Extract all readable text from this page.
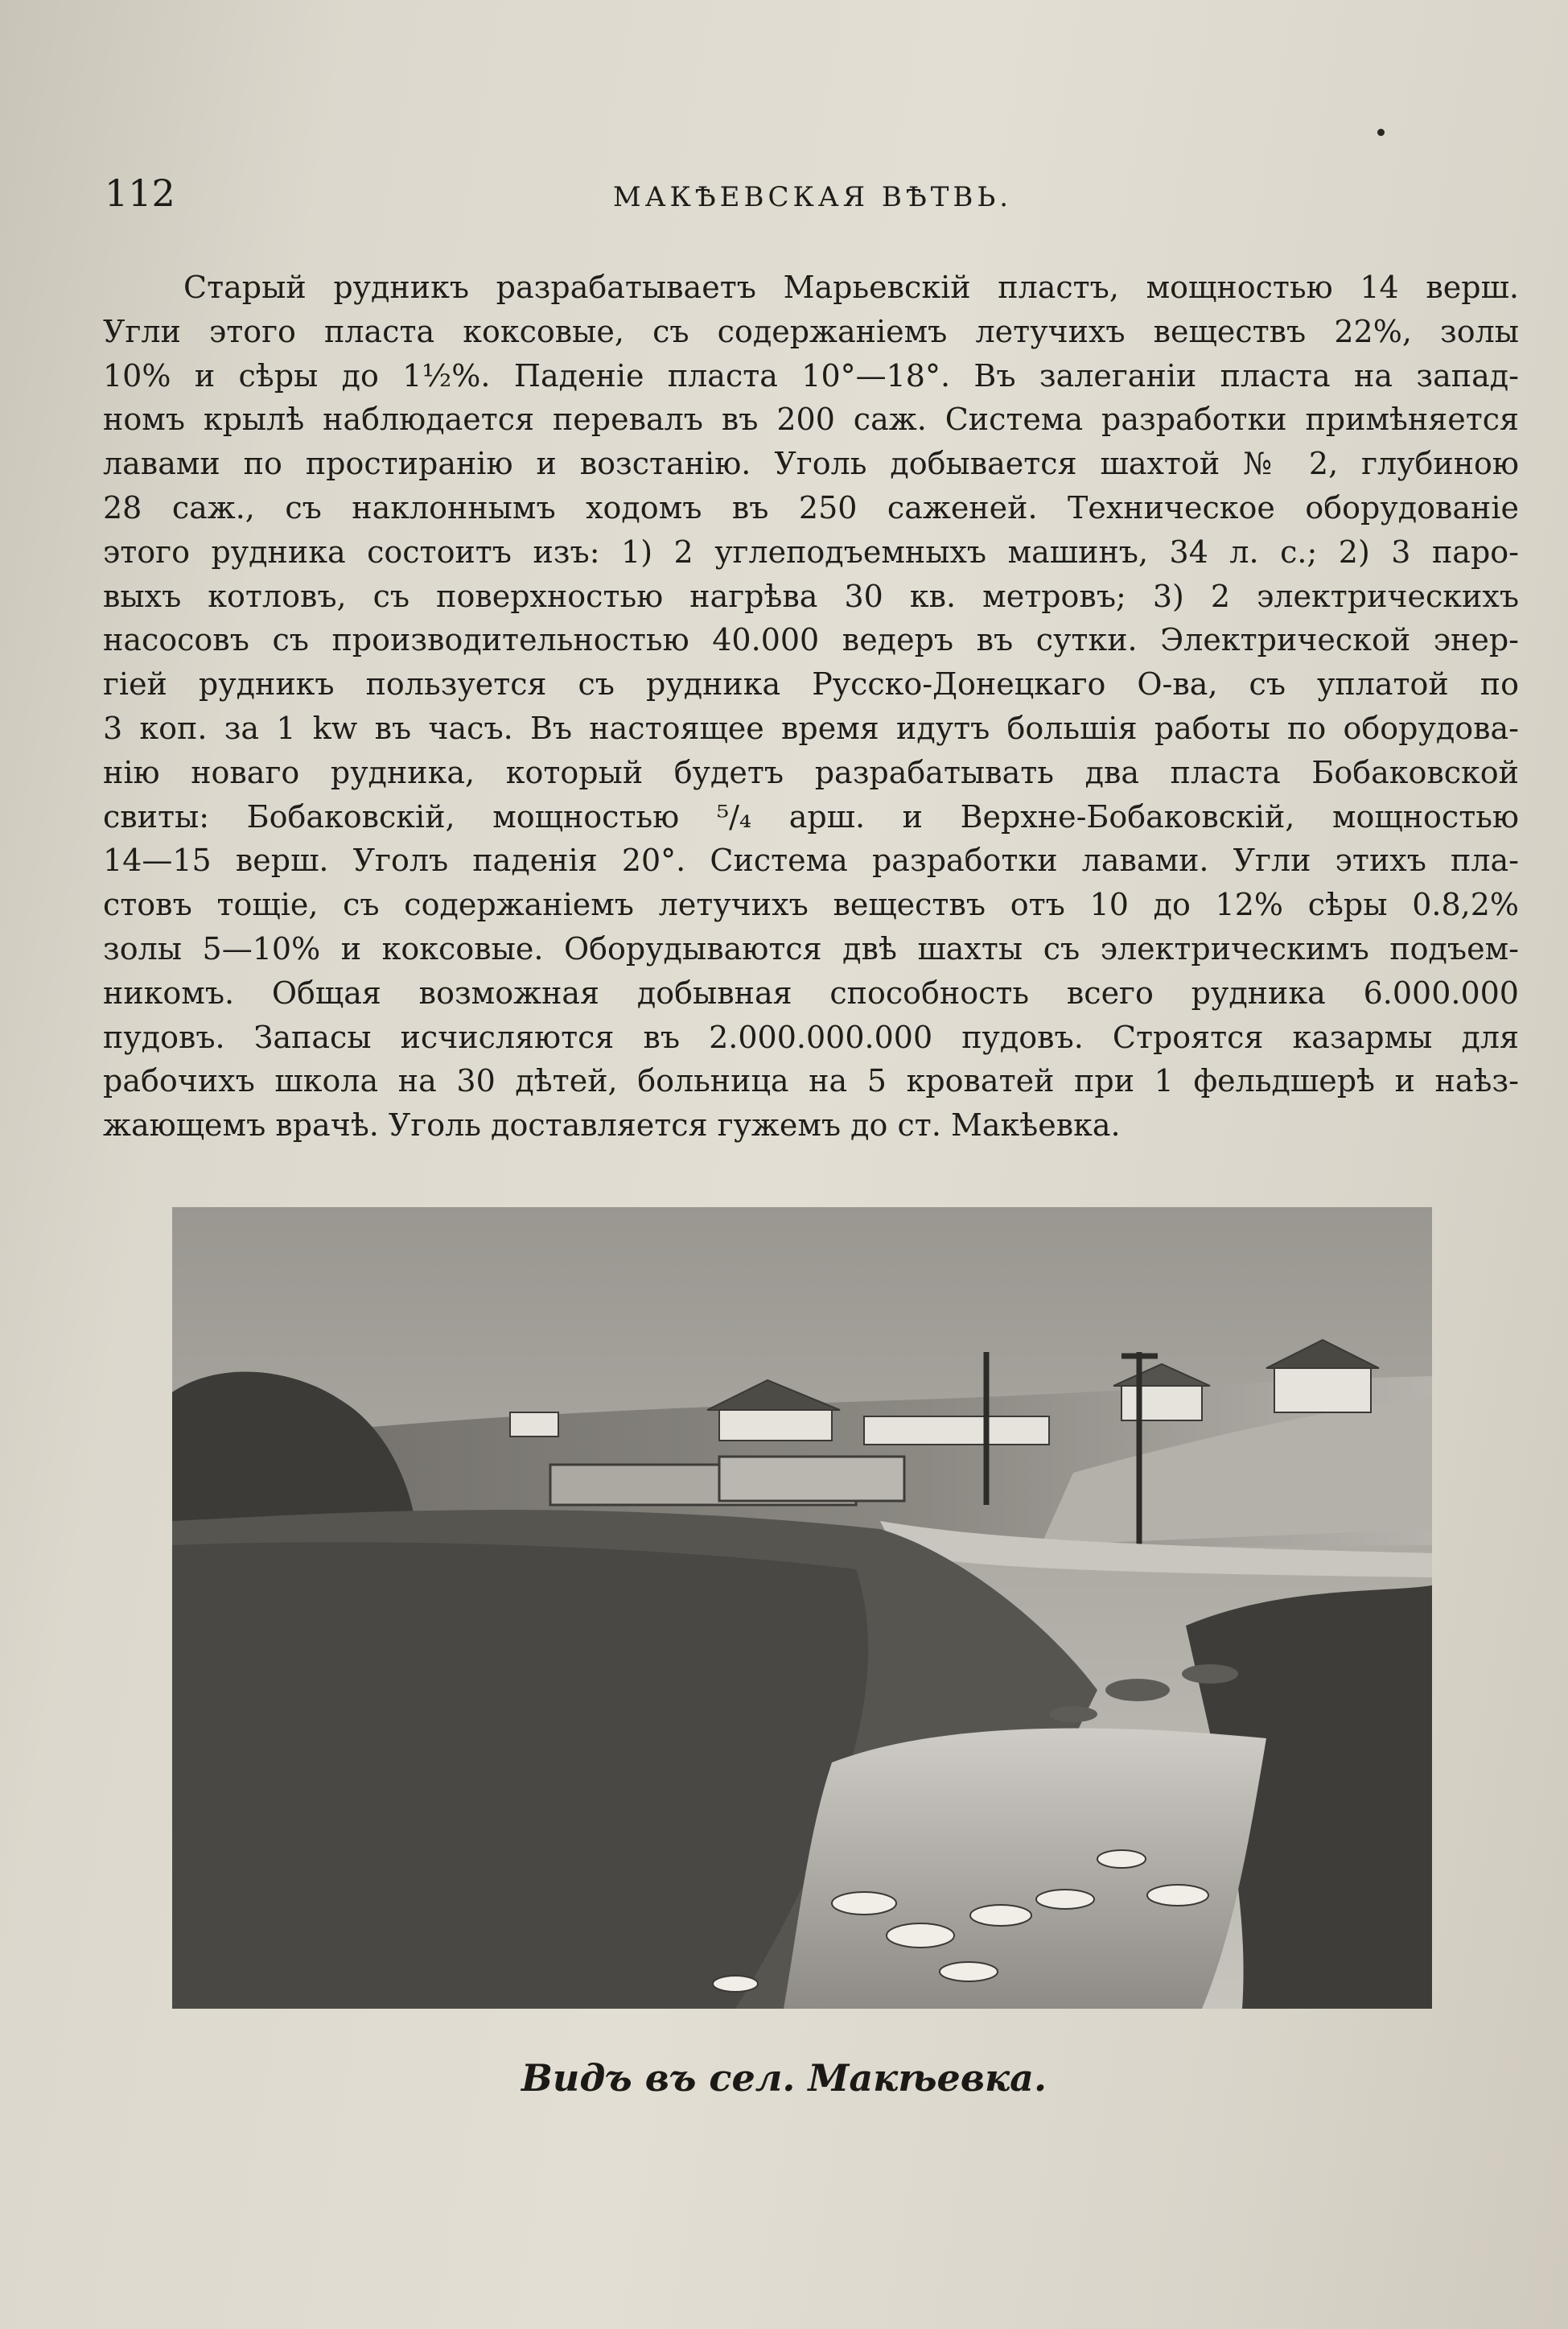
112	МАКѢЕВСКАЯ ВѢТВЬ.
Старый рудникъ разрабатываетъ Марьевскій пластъ, мощностью 14 верш.
Угли этого пласта коксовые, съ содержаніемъ летучихъ веществъ 22%, золы
10% и сѣры до 1½%. Паденіе пласта 10°—18°. Въ залеганіи пласта на запад-
номъ крылѣ наблюдается перевалъ въ 200 саж. Система разработки примѣняется
лавами по простиранію и возстанію. Уголь добывается шахтой № 2, глубиною
28 саж., съ наклоннымъ ходомъ въ 250 саженей. Техническое оборудованіе
этого рудника состоитъ изъ: 1) 2 углеподъемныхъ машинъ, 34 л. с.; 2) 3 паро-
выхъ котловъ, съ поверхностью нагрѣва 30 кв. метровъ; 3) 2 электрическихъ
насосовъ съ производительностью 40.000 ведеръ въ сутки. Электрической энер-
гіей рудникъ пользуется съ рудника Русско-Донецкаго О-ва, съ уплатой по
3 коп. за 1 kw въ часъ. Въ настоящее время идутъ большія работы по оборудова-
нію новаго рудника, который будетъ разрабатывать два пласта Бобаковской
свиты: Бобаковскій, мощностью ⁵/₄ арш. и Верхне-Бобаковскій, мощностью
14—15 верш. Уголъ паденія 20°. Система разработки лавами. Угли этихъ пла-
стовъ тощіе, съ содержаніемъ летучихъ веществъ отъ 10 до 12% сѣры 0.8,2%
золы 5—10% и коксовые. Оборудываются двѣ шахты съ электрическимъ подъем-
никомъ. Общая возможная добывная способность всего рудника 6.000.000
пудовъ. Запасы исчисляются въ 2.000.000.000 пудовъ. Строятся казармы для
рабочихъ школа на 30 дѣтей, больница на 5 кроватей при 1 фельдшерѣ и наѣз-
жающемъ врачѣ. Уголь доставляется гужемъ до ст. Макѣевка.
Видъ въ сел. Макѣевка.
